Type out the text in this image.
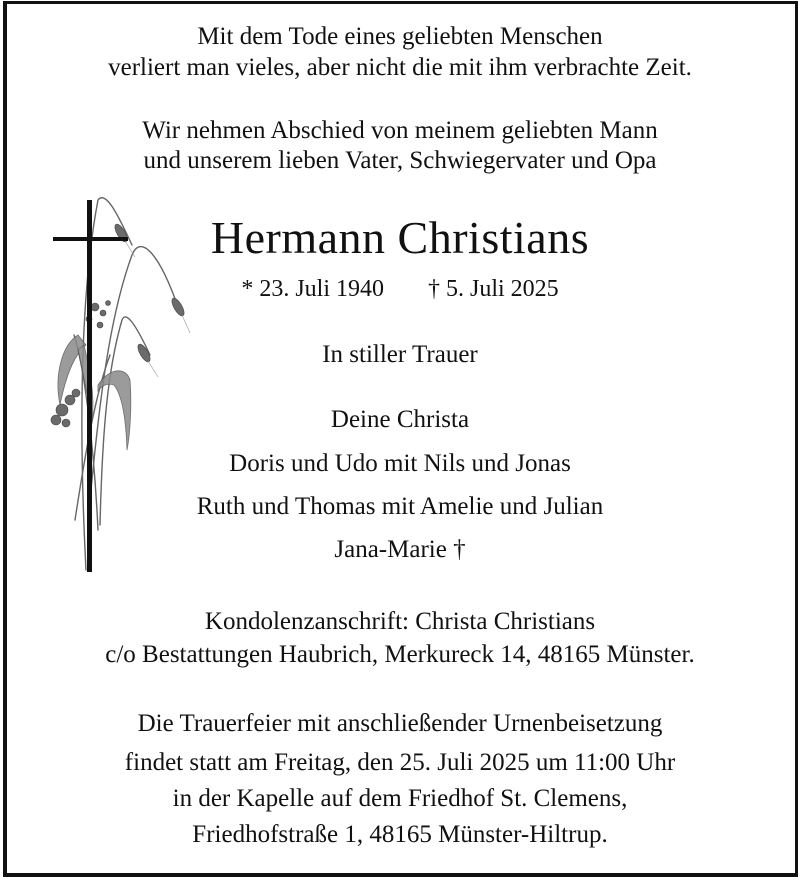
Mit dem Tode eines geliebten Menschen
verliert man vieles, aber nicht die mit ihm verbrachte Zeit.
Wir nehmen Abschied von meinem geliebten Mann
und unserem lieben Vater, Schwiegervater und Opa
Hermann Christians
* 23. Juli 1940 † 5. Juli 2025
In stiller Trauer
Deine Christa
Doris und Udo mit Nils und Jonas
Ruth und Thomas mit Amelie und Julian
Jana-Marie †
Kondolenzanschrift: Christa Christians
c/o Bestattungen Haubrich, Merkureck 14, 48165 Münster.
Die Trauerfeier mit anschließender Urnenbeisetzung
findet statt am Freitag, den 25. Juli 2025 um 11:00 Uhr
in der Kapelle auf dem Friedhof St. Clemens,
Friedhofstraße 1, 48165 Münster-Hiltrup.
